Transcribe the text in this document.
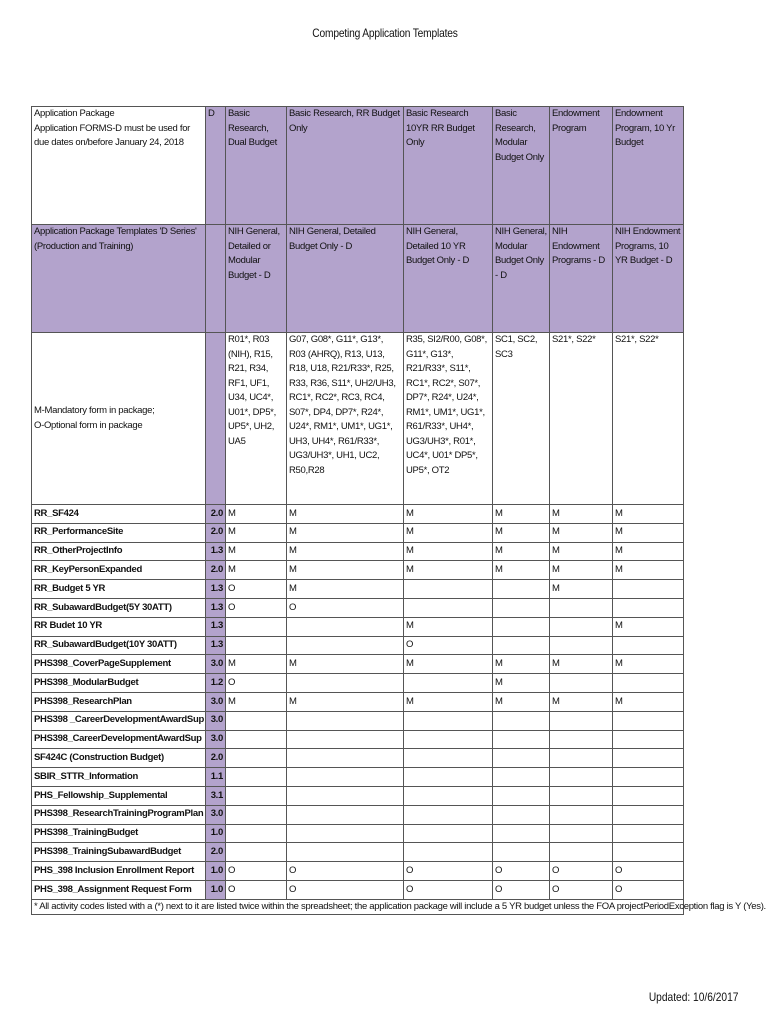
Competing Application Templates
Application Package
Application FORMS-D must be used for due dates on/before January 24, 2018	D	Basic Research, Dual Budget	Basic Research, RR Budget Only	Basic Research 10YR RR Budget Only	Basic Research, Modular Budget Only	Endowment Program	Endowment Program, 10 Yr Budget
Application Package Templates 'D Series' (Production and Training)		NIH General, Detailed or Modular Budget - D	NIH General, Detailed Budget Only - D	NIH General, Detailed 10 YR Budget Only - D	NIH General, Modular Budget Only - D	NIH Endowment Programs - D	NIH Endowment Programs, 10 YR Budget - D
M-Mandatory form in package;
O-Optional form in package		R01*, R03 (NIH), R15, R21, R34, RF1, UF1, U34, UC4*, U01*, DP5*, UP5*, UH2, UA5	G07, G08*, G11*, G13*, R03 (AHRQ), R13, U13, R18, U18, R21/R33*, R25, R33, R36, S11*, UH2/UH3, RC1*, RC2*, RC3, RC4, S07*, DP4, DP7*, R24*, U24*, RM1*, UM1*, UG1*, UH3, UH4*, R61/R33*, UG3/UH3*, UH1, UC2, R50,R28	R35, SI2/R00, G08*, G11*, G13*, R21/R33*, S11*, RC1*, RC2*, S07*, DP7*, R24*, U24*, RM1*, UM1*, UG1*, R61/R33*, UH4*, UG3/UH3*, R01*, UC4*, U01* DP5*, UP5*, OT2	SC1, SC2, SC3	S21*, S22*	S21*, S22*
RR_SF424	2.0	M	M	M	M	M	M
RR_PerformanceSite	2.0	M	M	M	M	M	M
RR_OtherProjectInfo	1.3	M	M	M	M	M	M
RR_KeyPersonExpanded	2.0	M	M	M	M	M	M
RR_Budget 5 YR	1.3	O	M			M	
RR_SubawardBudget(5Y 30ATT)	1.3	O	O				
RR Budet 10 YR	1.3			M			M
RR_SubawardBudget(10Y 30ATT)	1.3			O			
PHS398_CoverPageSupplement	3.0	M	M	M	M	M	M
PHS398_ModularBudget	1.2	O			M		
PHS398_ResearchPlan	3.0	M	M	M	M	M	M
PHS398 _CareerDevelopmentAwardSup	3.0						
PHS398_CareerDevelopmentAwardSup	3.0						
SF424C (Construction Budget)	2.0						
SBIR_STTR_Information	1.1						
PHS_Fellowship_Supplemental	3.1						
PHS398_ResearchTrainingProgramPlan	3.0						
PHS398_TrainingBudget	1.0						
PHS398_TrainingSubawardBudget	2.0						
PHS_398 Inclusion Enrollment Report	1.0	O	O	O	O	O	O
PHS_398_Assignment Request Form	1.0	O	O	O	O	O	O
* All activity codes listed with a (*) next to it are listed twice within the spreadsheet; the application package will include a 5 YR budget unless the FOA projectPeriodException flag is Y (Yes).							
Updated: 10/6/2017
